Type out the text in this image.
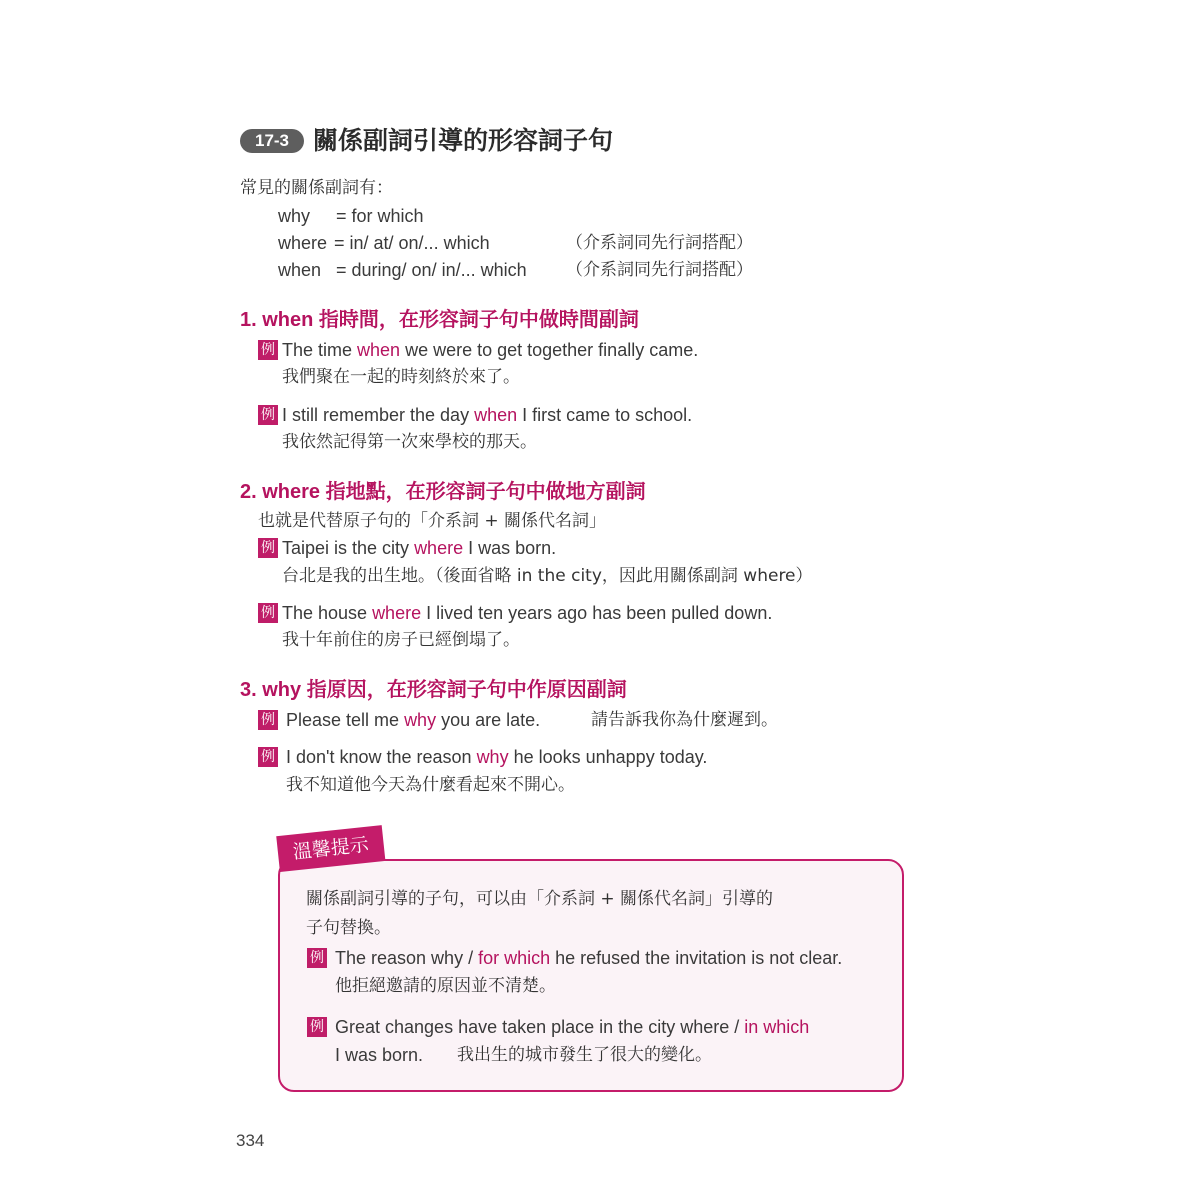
17-3 關係副詞引導的形容詞子句
常見的關係副詞有：
why = for which
where = in/ at/ on/... which	（介系詞同先行詞搭配）
when = during/ on/ in/... which （介系詞同先行詞搭配）
1. when 指時間，在形容詞子句中做時間副詞
例 The time when we were to get together finally came.
我們聚在一起的時刻終於來了。
例 I still remember the day when I first came to school.
我依然記得第一次來學校的那天。
2. where 指地點，在形容詞子句中做地方副詞
也就是代替原子句的「介系詞 + 關係代名詞」
例 Taipei is the city where I was born.
台北是我的出生地。（後面省略 in the city，因此用關係副詞 where）
例 The house where I lived ten years ago has been pulled down.
我十年前住的房子已經倒塌了。
3. why 指原因，在形容詞子句中作原因副詞
例 Please tell me why you are late.	請告訴我你為什麼遲到。
例 I don't know the reason why he looks unhappy today.
我不知道他今天為什麼看起來不開心。
溫馨提示
關係副詞引導的子句，可以由「介系詞 + 關係代名詞」引導的
子句替換。
例 The reason why / for which he refused the invitation is not clear.
他拒絕邀請的原因並不清楚。
例 Great changes have taken place in the city where / in which
I was born. 我出生的城市發生了很大的變化。
334
